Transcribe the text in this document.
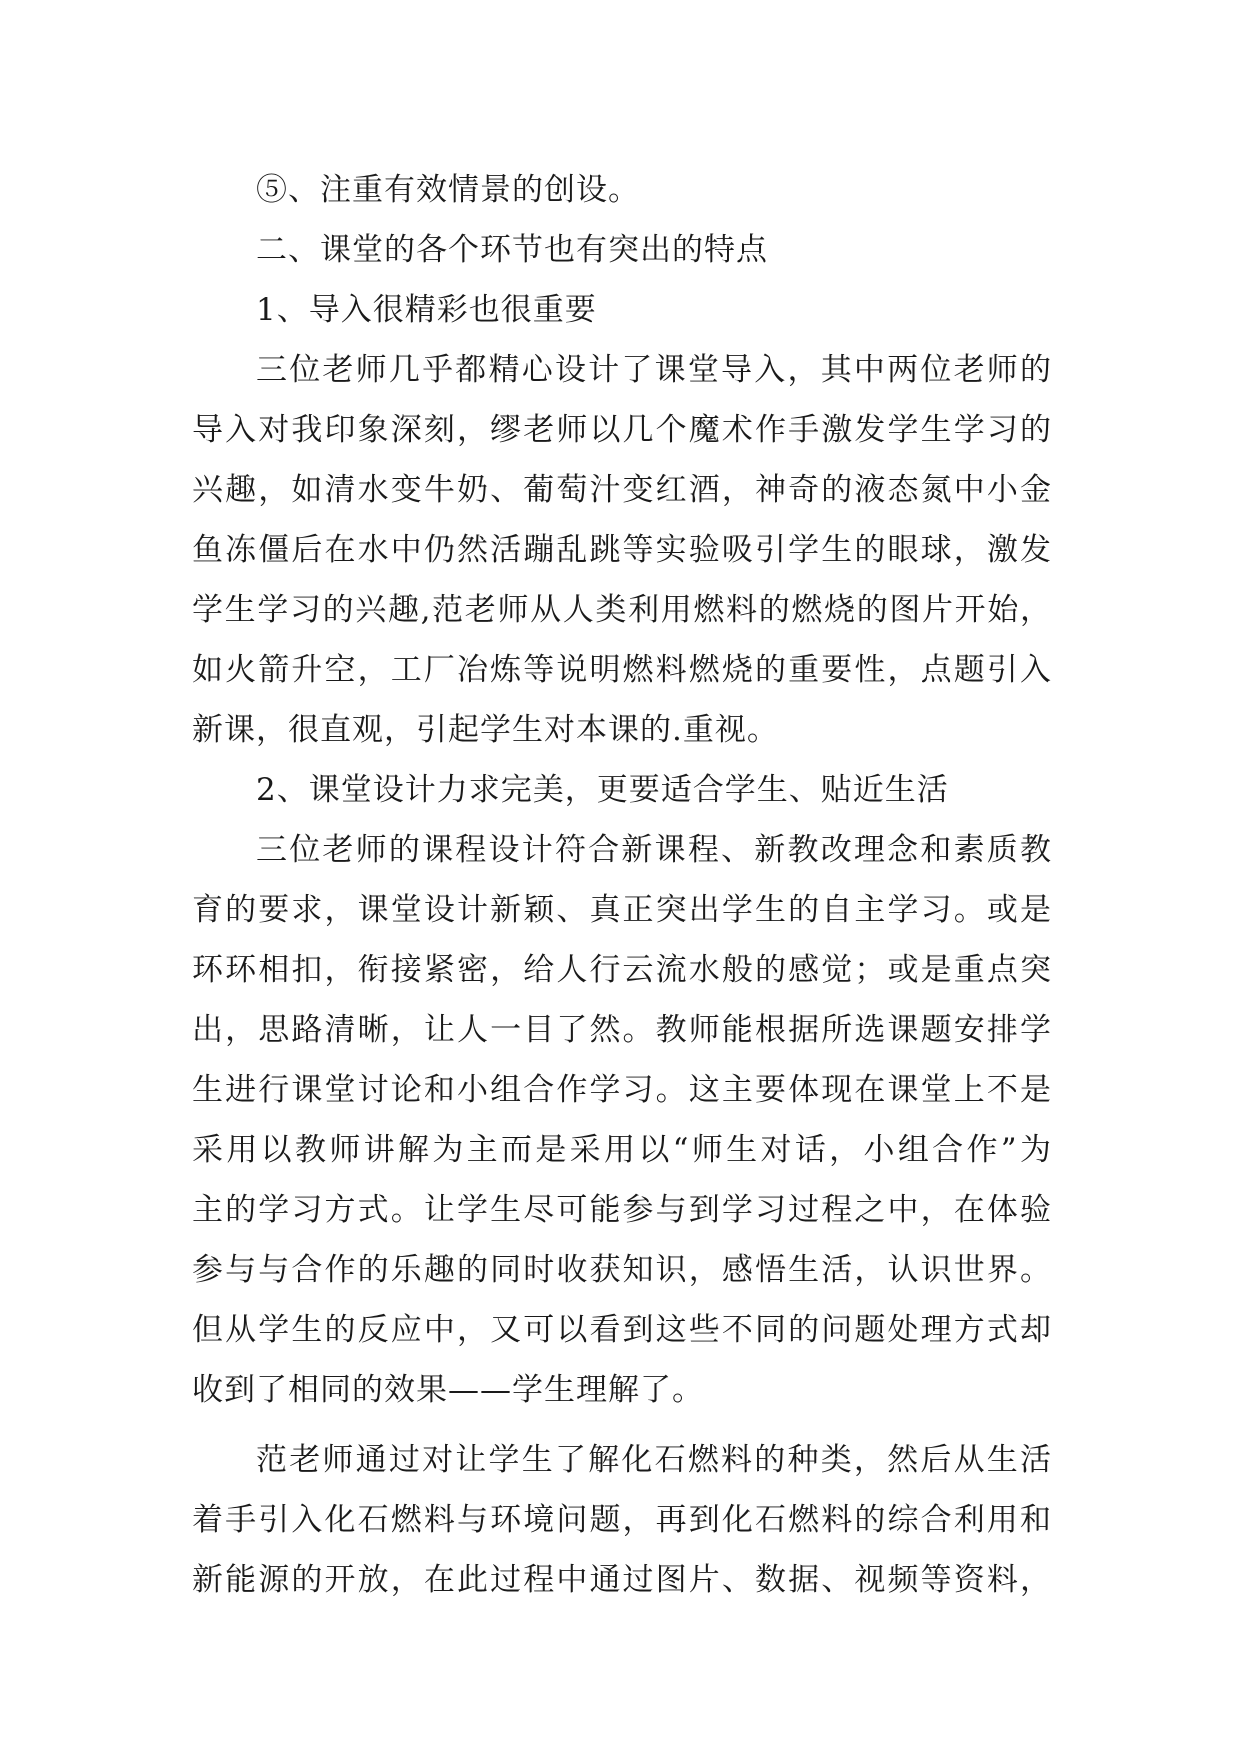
⑤、注重有效情景的创设。
二、课堂的各个环节也有突出的特点
1、导入很精彩也很重要
三位老师几乎都精心设计了课堂导入，其中两位老师的
导入对我印象深刻，缪老师以几个魔术作手激发学生学习的
兴趣，如清水变牛奶、葡萄汁变红酒，神奇的液态氮中小金
鱼冻僵后在水中仍然活蹦乱跳等实验吸引学生的眼球，激发
学生学习的兴趣,范老师从人类利用燃料的燃烧的图片开始，
如火箭升空，工厂冶炼等说明燃料燃烧的重要性，点题引入
新课，很直观，引起学生对本课的.重视。
2、课堂设计力求完美，更要适合学生、贴近生活
三位老师的课程设计符合新课程、新教改理念和素质教
育的要求，课堂设计新颖、真正突出学生的自主学习。或是
环环相扣，衔接紧密，给人行云流水般的感觉；或是重点突
出，思路清晰，让人一目了然。教师能根据所选课题安排学
生进行课堂讨论和小组合作学习。这主要体现在课堂上不是
采用以教师讲解为主而是采用以“师生对话，小组合作”为
主的学习方式。让学生尽可能参与到学习过程之中，在体验
参与与合作的乐趣的同时收获知识，感悟生活，认识世界。
但从学生的反应中，又可以看到这些不同的问题处理方式却
收到了相同的效果——学生理解了。
范老师通过对让学生了解化石燃料的种类，然后从生活
着手引入化石燃料与环境问题，再到化石燃料的综合利用和
新能源的开放，在此过程中通过图片、数据、视频等资料，
